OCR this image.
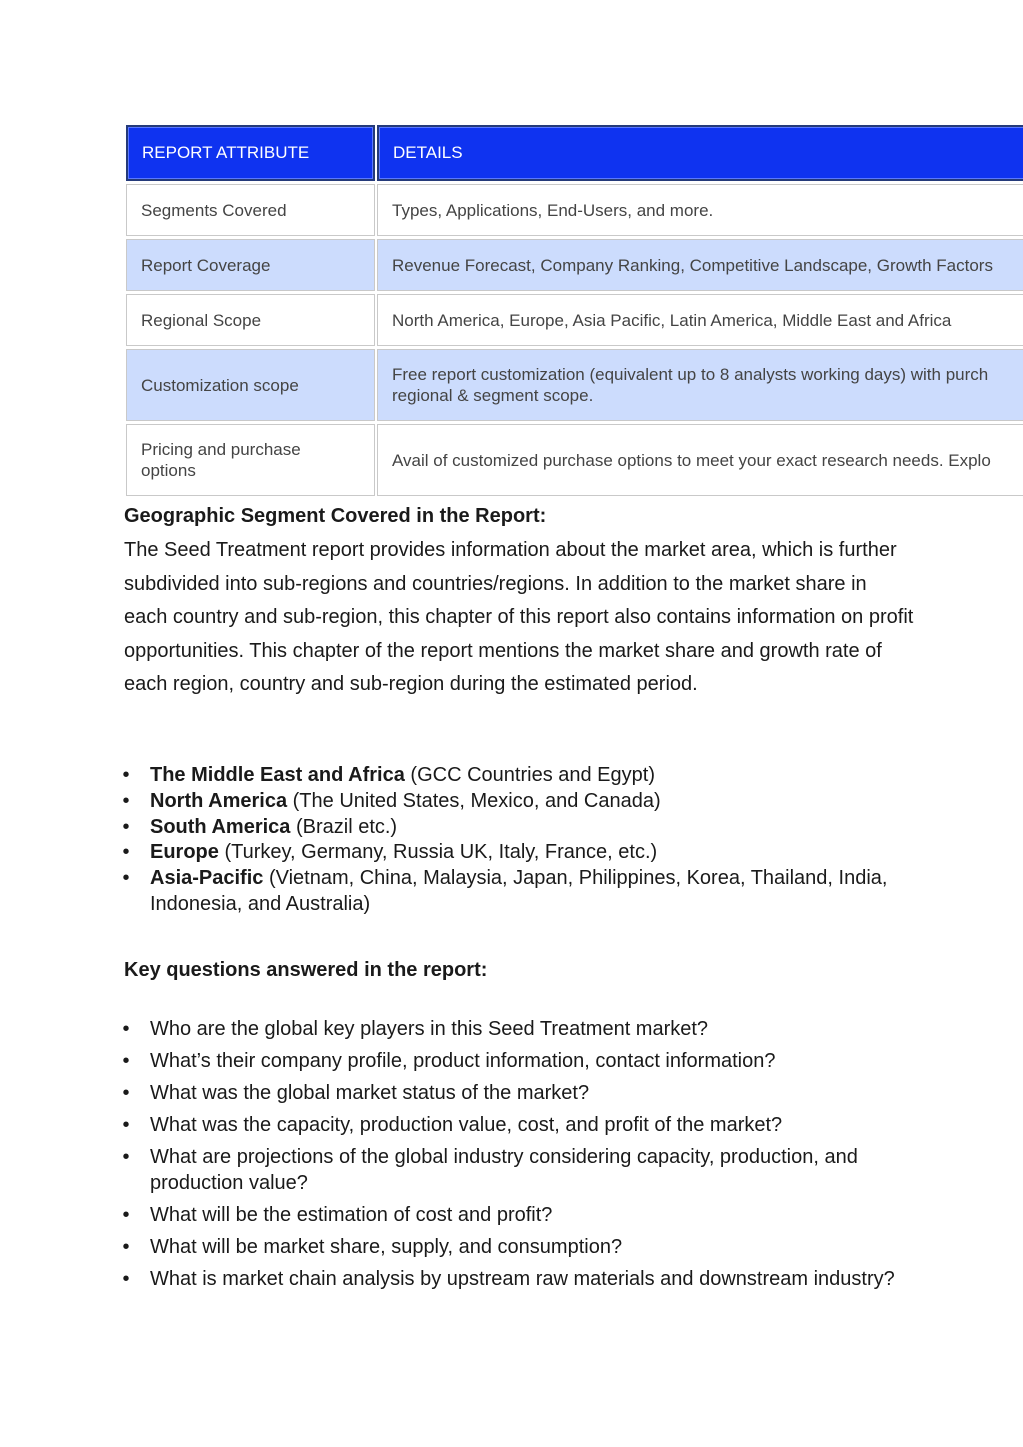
REPORT ATTRIBUTE	DETAILS
Segments Covered	Types, Applications, End-Users, and more.
Report Coverage	Revenue Forecast, Company Ranking, Competitive Landscape, Growth Factors
Regional Scope	North America, Europe, Asia Pacific, Latin America, Middle East and Africa
Customization scope	Free report customization (equivalent up to 8 analysts working days) with purch regional & segment scope.

Pricing and purchase options	Avail of customized purchase options to meet your exact research needs. Explo
Geographic Segment Covered in the Report:

The Seed Treatment report provides information about the market area, which is further subdivided into sub-regions and countries/regions. In addition to the market share in each country and sub-region, this chapter of this report also contains information on profit opportunities. This chapter of the report mentions the market share and growth rate of each region, country and sub-region during the estimated period.

• The Middle East and Africa (GCC Countries and Egypt)
• North America (The United States, Mexico, and Canada)
• South America (Brazil etc.)
• Europe (Turkey, Germany, Russia UK, Italy, France, etc.)
• Asia-Pacific (Vietnam, China, Malaysia, Japan, Philippines, Korea, Thailand, India, Indonesia, and Australia)
Key questions answered in the report:
• Who are the global key players in this Seed Treatment market?
• What’s their company profile, product information, contact information?
• What was the global market status of the market?
• What was the capacity, production value, cost, and profit of the market?
• What are projections of the global industry considering capacity, production, and production value?
• What will be the estimation of cost and profit?
• What will be market share, supply, and consumption?
• What is market chain analysis by upstream raw materials and downstream industry?
